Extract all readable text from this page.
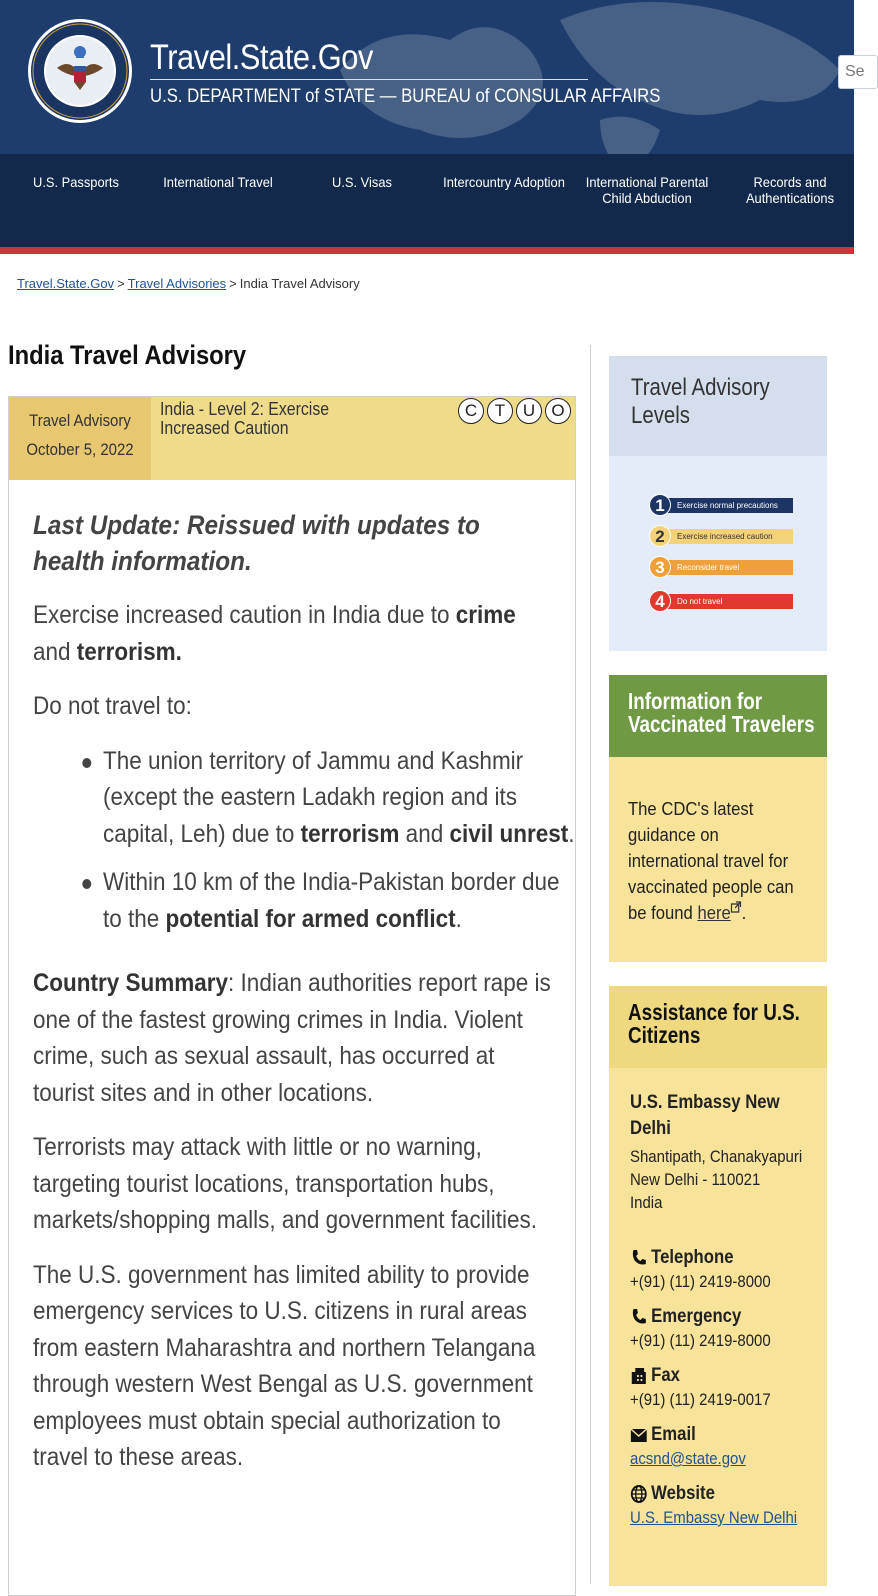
Travel.State.Gov
U.S. DEPARTMENT of STATE — BUREAU of CONSULAR AFFAIRS
Se
U.S. Passports	International Travel	U.S. Visas	Intercountry Adoption International Parental Child Abduction
Records and Authentications
Travel.State.Gov > Travel Advisories > India Travel Advisory
India Travel Advisory
Travel Advisory
October 5, 2022
India - Level 2: Exercise Increased Caution
C	T	U O

Last Update: Reissued with updates to health information.

Exercise increased caution in India due to crime and terrorism.

Do not travel to:

The union territory of Jammu and Kashmir (except the eastern Ladakh region and its capital, Leh) due to terrorism and civil unrest.
Within 10 km of the India-Pakistan border due to the potential for armed conflict.

Country Summary: Indian authorities report rape is one of the fastest growing crimes in India. Violent crime, such as sexual assault, has occurred at tourist sites and in other locations.

Terrorists may attack with little or no warning, targeting tourist locations, transportation hubs, markets/shopping malls, and government facilities.

The U.S. government has limited ability to provide emergency services to U.S. citizens in rural areas from eastern Maharashtra and northern Telangana through western West Bengal as U.S. government employees must obtain special authorization to travel to these areas.

Travel Advisory Levels
Exercise normal precautions
1
Exercise increased caution
2
Reconsider travel
3
Do not travel
4
Information for Vaccinated Travelers
The CDC's latest guidance on international travel for vaccinated people can be found here .
Assistance for U.S. Citizens
U.S. Embassy New Delhi
Shantipath, Chanakyapuri
New Delhi - 110021
India
Telephone
+(91) (11) 2419-8000
Emergency
+(91) (11) 2419-8000
Fax
+(91) (11) 2419-0017
Email
acsnd@state.gov
Website
U.S. Embassy New Delhi
